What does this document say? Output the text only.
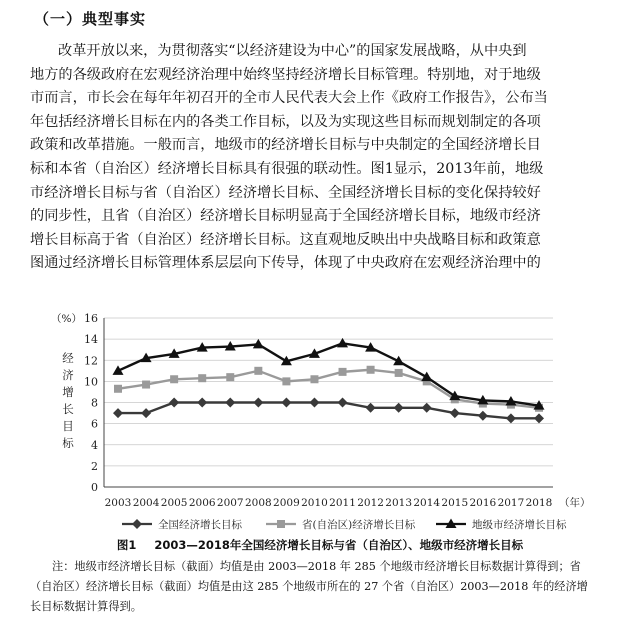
（一）典型事实
改革开放以来，为贯彻落实“以经济建设为中心”的国家发展战略，从中央到
地方的各级政府在宏观经济治理中始终坚持经济增长目标管理。特别地，对于地级
市而言，市长会在每年年初召开的全市人民代表大会上作《政府工作报告》，公布当
年包括经济增长目标在内的各类工作目标，以及为实现这些目标而规划制定的各项
政策和改革措施。一般而言，地级市的经济增长目标与中央制定的全国经济增长目
标和本省（自治区）经济增长目标具有很强的联动性。图1显示，2013年前，地级
市经济增长目标与省（自治区）经济增长目标、全国经济增长目标的变化保持较好
的同步性，且省（自治区）经济增长目标明显高于全国经济增长目标，地级市经济
增长目标高于省（自治区）经济增长目标。这直观地反映出中央战略目标和政策意
图通过经济增长目标管理体系层层向下传导，体现了中央政府在宏观经济治理中的
0
2
4
6
8
10
12
14
16
（%）
（年）
经济增长目标
2003 2004 2005 2006 2007 2008 2009 2010 2011 2012 2013 2014 2015 2016 2017 2018
全国经济增长目标	省(自治区)经济增长目标	地级市经济增长目标
图1 2003—2018年全国经济增长目标与省（自治区）、地级市经济增长目标
注：地级市经济增长目标（截面）均值是由 2003—2018 年 285 个地级市经济增长目标数据计算得到；省
（自治区）经济增长目标（截面）均值是由这 285 个地级市所在的 27 个省（自治区）2003—2018 年的经济增
长目标数据计算得到。
